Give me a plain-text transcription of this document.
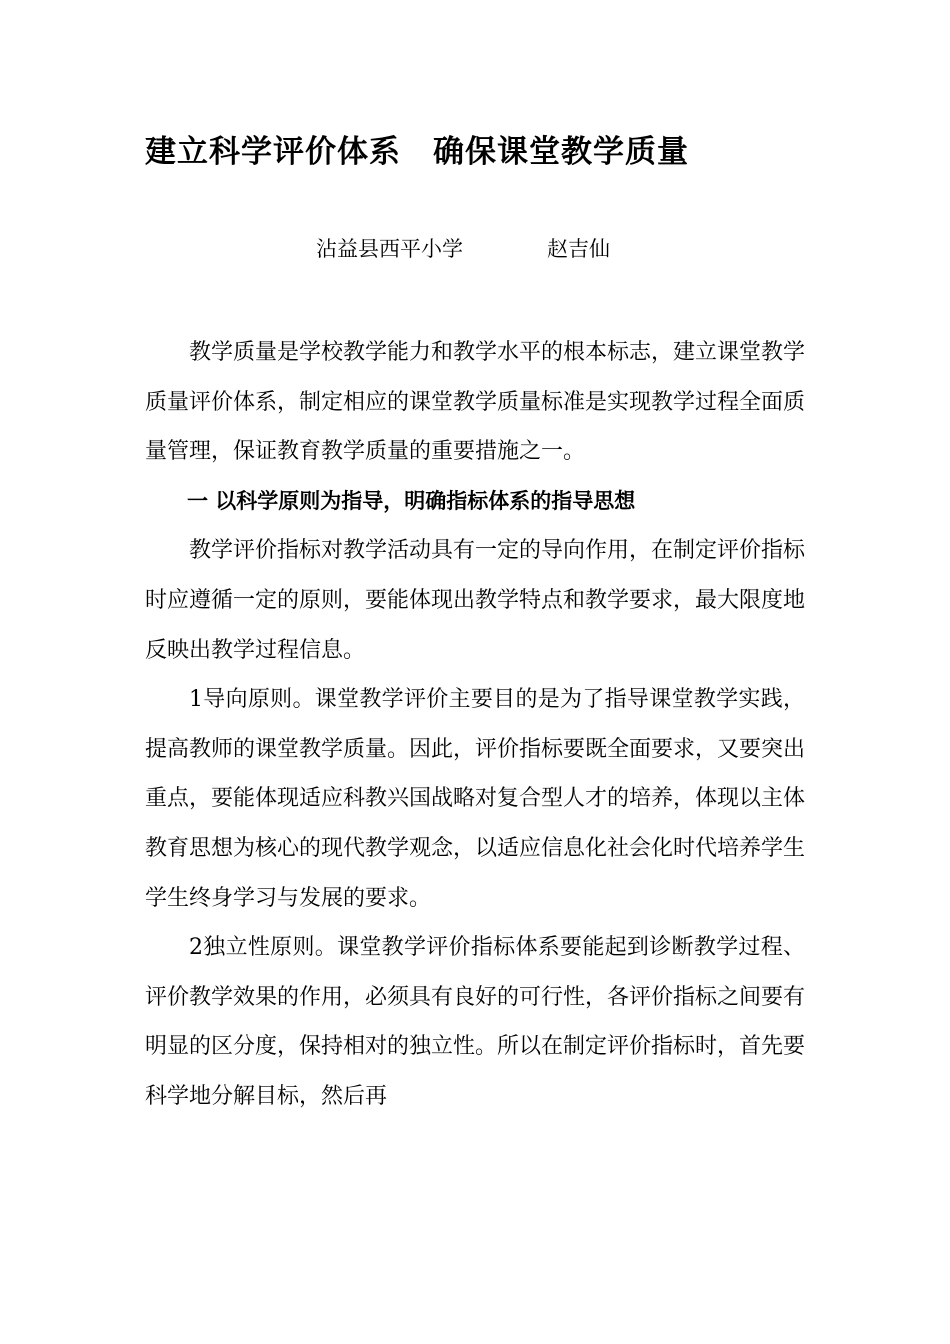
建立科学评价体系　确保课堂教学质量
沾益县西平小学	赵吉仙

教学质量是学校教学能力和教学水平的根本标志，建立课堂教学质量评价体系，制定相应的课堂教学质量标准是实现教学过程全面质量管理，保证教育教学质量的重要措施之一。

一 以科学原则为指导，明确指标体系的指导思想

教学评价指标对教学活动具有一定的导向作用，在制定评价指标时应遵循一定的原则，要能体现出教学特点和教学要求，最大限度地反映出教学过程信息。

1导向原则。课堂教学评价主要目的是为了指导课堂教学实践，提高教师的课堂教学质量。因此，评价指标要既全面要求，又要突出重点，要能体现适应科教兴国战略对复合型人才的培养，体现以主体教育思想为核心的现代教学观念，以适应信息化社会化时代培养学生学生终身学习与发展的要求。

2独立性原则。课堂教学评价指标体系要能起到诊断教学过程、评价教学效果的作用，必须具有良好的可行性，各评价指标之间要有明显的区分度，保持相对的独立性。所以在制定评价指标时，首先要科学地分解目标，然后再
